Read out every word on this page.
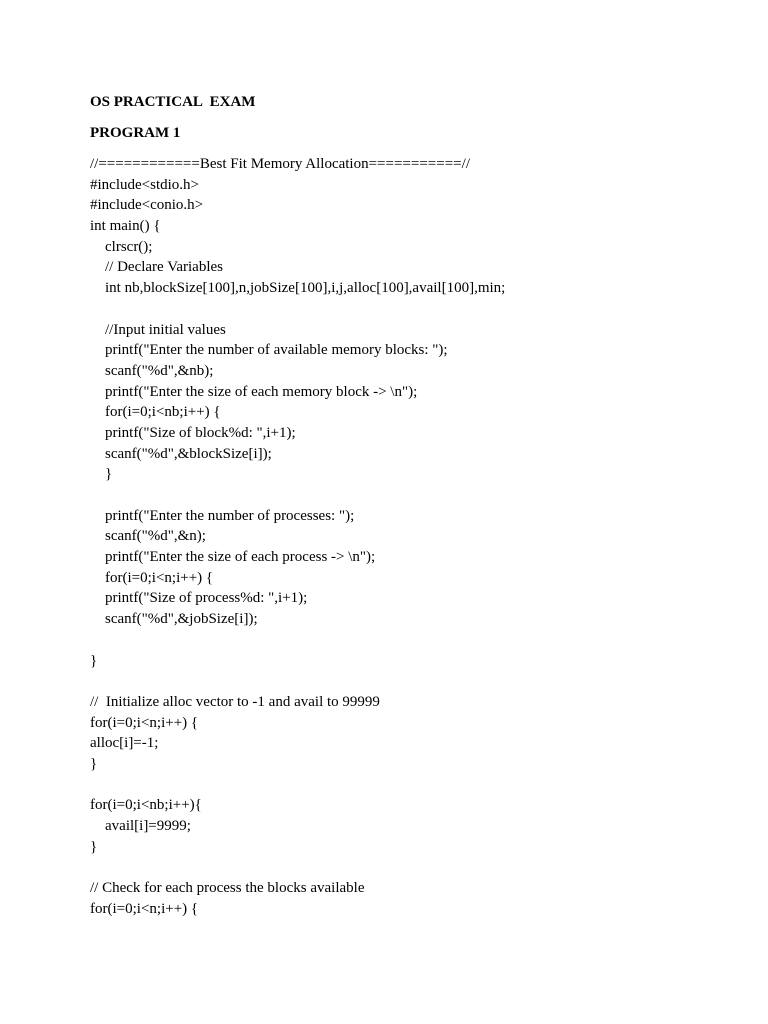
OS PRACTICAL  EXAM
PROGRAM 1
//============Best Fit Memory Allocation===========//
#include<stdio.h>
#include<conio.h>
int main() {
clrscr();
// Declare Variables
int nb,blockSize[100],n,jobSize[100],i,j,alloc[100],avail[100],min;
//Input initial values
printf("Enter the number of available memory blocks: ");
scanf("%d",&nb);
printf("Enter the size of each memory block -> \n");
for(i=0;i<nb;i++) {
printf("Size of block%d: ",i+1);
scanf("%d",&blockSize[i]);
}
printf("Enter the number of processes: ");
scanf("%d",&n);
printf("Enter the size of each process -> \n");
for(i=0;i<n;i++) {
printf("Size of process%d: ",i+1);
scanf("%d",&jobSize[i]);
}
//  Initialize alloc vector to -1 and avail to 99999
for(i=0;i<n;i++) {
alloc[i]=-1;
}
for(i=0;i<nb;i++){
avail[i]=9999;
}
// Check for each process the blocks available
for(i=0;i<n;i++) {
